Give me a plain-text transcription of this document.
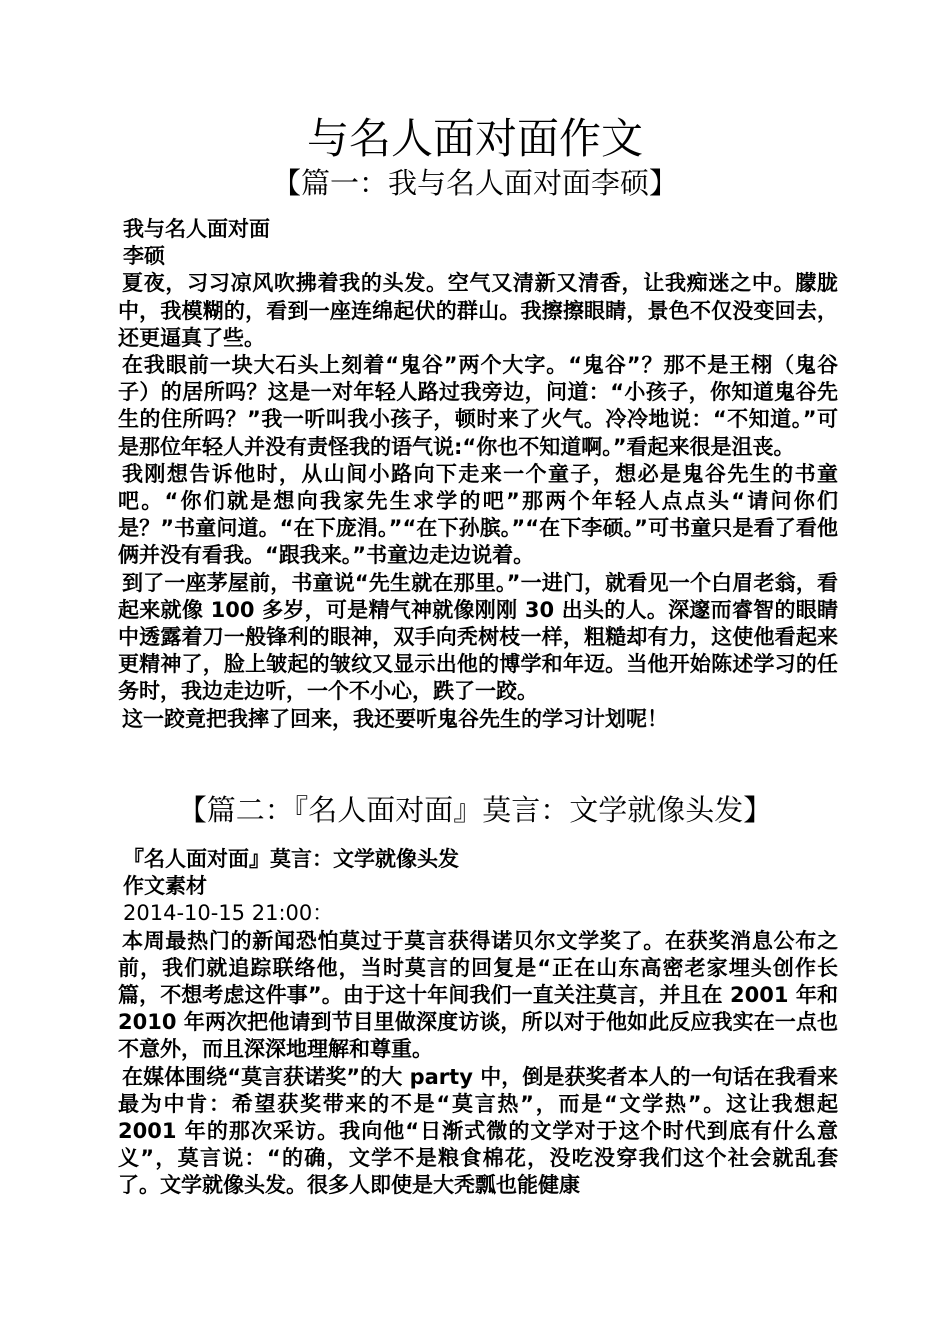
与名人面对面作文
【篇一：我与名人面对面李硕】

我与名人面对面

李硕

夏夜，习习凉风吹拂着我的头发。空气又清新又清香，让我痴迷之中。朦胧中，我模糊的，看到一座连绵起伏的群山。我擦擦眼睛，景色不仅没变回去，还更逼真了些。

在我眼前一块大石头上刻着“鬼谷”两个大字。“鬼谷”？那不是王栩（鬼谷子）的居所吗？这是一对年轻人路过我旁边，问道：“小孩子，你知道鬼谷先生的住所吗？”我一听叫我小孩子，顿时来了火气。冷冷地说：“不知道。”可是那位年轻人并没有责怪我的语气说:“你也不知道啊。”看起来很是沮丧。

我刚想告诉他时，从山间小路向下走来一个童子，想必是鬼谷先生的书童吧。“你们就是想向我家先生求学的吧”那两个年轻人点点头“请问你们是？”书童问道。“在下庞涓。”“在下孙膑。”“在下李硕。”可书童只是看了看他俩并没有看我。“跟我来。”书童边走边说着。

到了一座茅屋前，书童说“先生就在那里。”一进门，就看见一个白眉老翁，看起来就像 100 多岁，可是精气神就像刚刚 30 出头的人。深邃而睿智的眼睛中透露着刀一般锋利的眼神，双手向秃树枝一样，粗糙却有力，这使他看起来更精神了，脸上皱起的皱纹又显示出他的博学和年迈。当他开始陈述学习的任务时，我边走边听，一个不小心，跌了一跤。

这一跤竟把我摔了回来，我还要听鬼谷先生的学习计划呢！

【篇二：『名人面对面』莫言：文学就像头发】

『名人面对面』莫言：文学就像头发

作文素材

2014-10-15 21:00：

本周最热门的新闻恐怕莫过于莫言获得诺贝尔文学奖了。在获奖消息公布之前，我们就追踪联络他，当时莫言的回复是“正在山东高密老家埋头创作长篇，不想考虑这件事”。由于这十年间我们一直关注莫言，并且在 2001 年和 2010 年两次把他请到节目里做深度访谈，所以对于他如此反应我实在一点也不意外，而且深深地理解和尊重。

在媒体围绕“莫言获诺奖”的大 party 中，倒是获奖者本人的一句话在我看来最为中肯：希望获奖带来的不是“莫言热”，而是“文学热”。这让我想起 2001 年的那次采访。我向他“日渐式微的文学对于这个时代到底有什么意义”，莫言说：“的确，文学不是粮食棉花，没吃没穿我们这个社会就乱套了。文学就像头发。很多人即使是大秃瓢也能健康
